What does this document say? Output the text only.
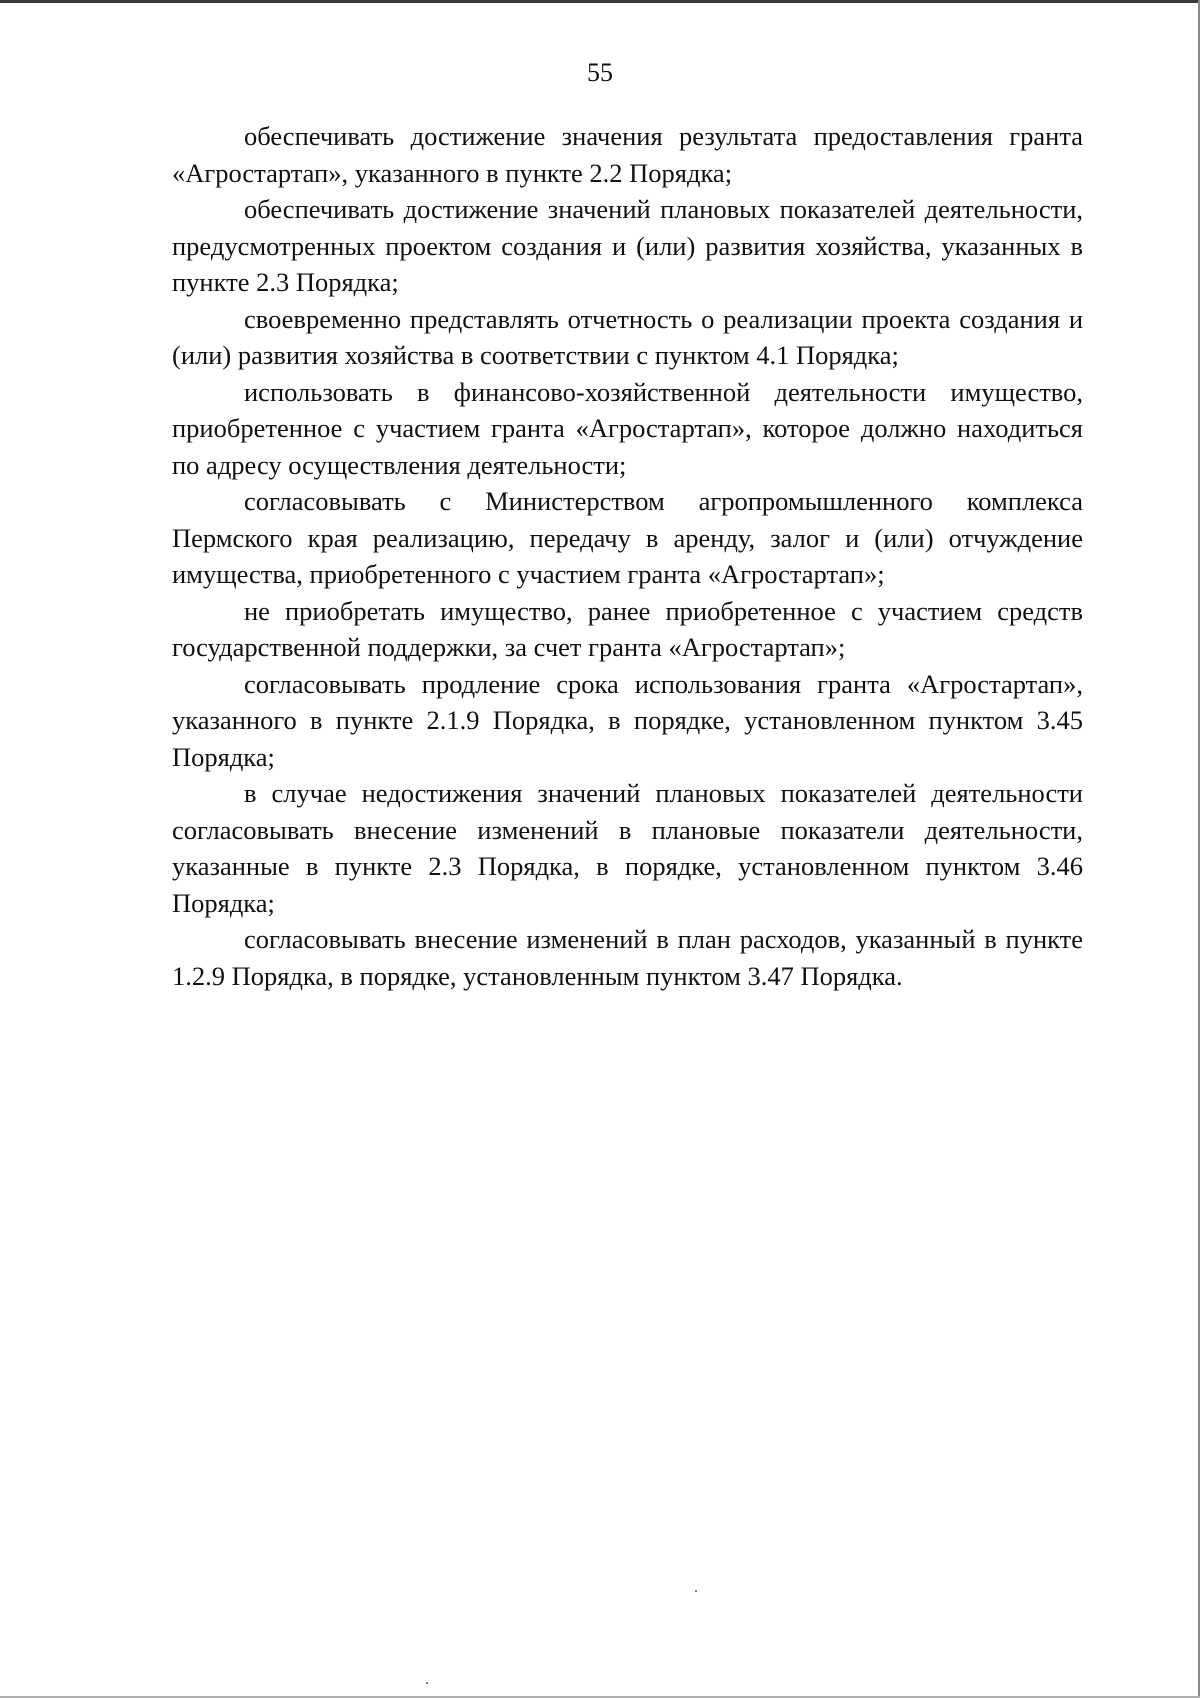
55

обеспечивать достижение значения результата предоставления гранта «Агростартап», указанного в пункте 2.2 Порядка;

обеспечивать достижение значений плановых показателей деятельности, предусмотренных проектом создания и (или) развития хозяйства, указанных в пункте 2.3 Порядка;

своевременно представлять отчетность о реализации проекта создания и (или) развития хозяйства в соответствии с пунктом 4.1 Порядка;

использовать в финансово-хозяйственной деятельности имущество, приобретенное с участием гранта «Агростартап», которое должно находиться по адресу осуществления деятельности;

согласовывать с Министерством агропромышленного комплекса Пермского края реализацию, передачу в аренду, залог и (или) отчуждение имущества, приобретенного с участием гранта «Агростартап»;

не приобретать имущество, ранее приобретенное с участием средств государственной поддержки, за счет гранта «Агростартап»;

согласовывать продление срока использования гранта «Агростартап», указанного в пункте 2.1.9 Порядка, в порядке, установленном пунктом 3.45 Порядка;

в случае недостижения значений плановых показателей деятельности согласовывать внесение изменений в плановые показатели деятельности, указанные в пункте 2.3 Порядка, в порядке, установленном пунктом 3.46 Порядка;

согласовывать внесение изменений в план расходов, указанный в пункте 1.2.9 Порядка, в порядке, установленным пунктом 3.47 Порядка.
